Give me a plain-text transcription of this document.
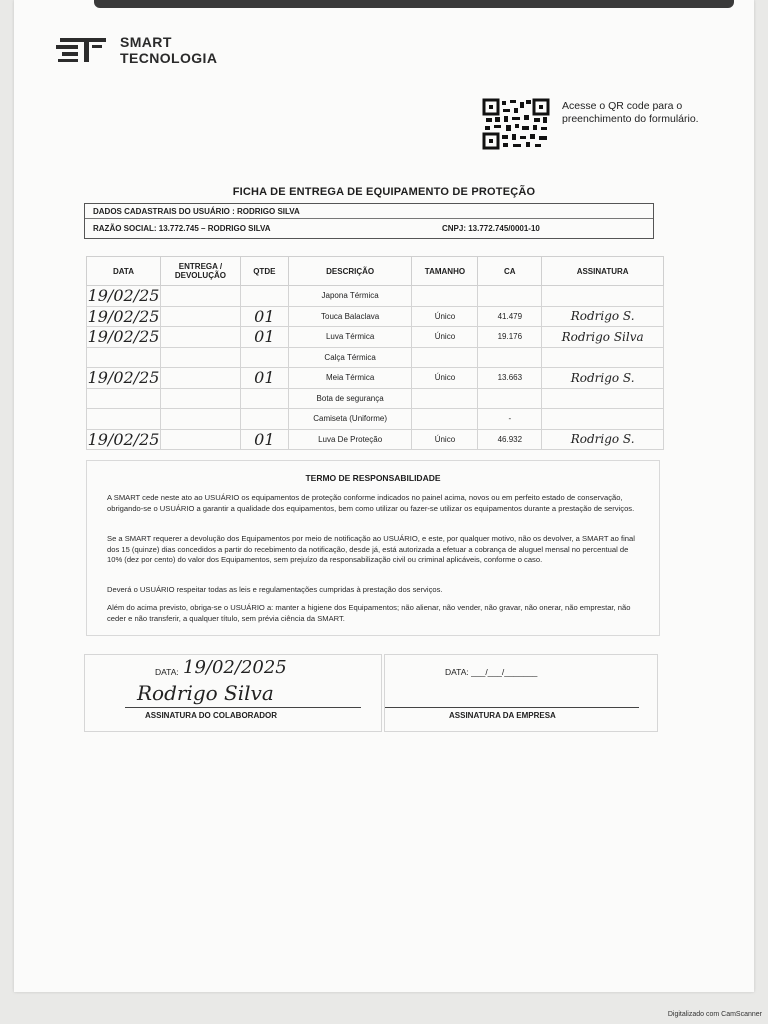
SMART
TECNOLOGIA
Acesse o QR code para o preenchimento do formulário.
FICHA DE ENTREGA DE EQUIPAMENTO DE PROTEÇÃO
DADOS CADASTRAIS DO USUÁRIO : RODRIGO SILVA
RAZÃO SOCIAL: 13.772.745 – RODRIGO SILVA	CNPJ: 13.772.745/0001-10
DATA	ENTREGA / DEVOLUÇÃO	QTDE	DESCRIÇÃO	TAMANHO	CA	ASSINATURA
19/02/25			Japona Térmica			
19/02/25		01	Touca Balaclava	Único	41.479	Rodrigo S.
19/02/25		01	Luva Térmica	Único	19.176	Rodrigo Silva
			Calça Térmica			
19/02/25		01	Meia Térmica	Único	13.663	Rodrigo S.
			Bota de segurança			
			Camiseta (Uniforme)		-	
19/02/25		01	Luva De Proteção	Único	46.932	Rodrigo S.
TERMO DE RESPONSABILIDADE

A SMART cede neste ato ao USUÁRIO os equipamentos de proteção conforme indicados no painel acima, novos ou em perfeito estado de conservação, obrigando-se o USUÁRIO a garantir a qualidade dos equipamentos, bem como utilizar ou fazer-se utilizar os equipamentos durante a prestação de serviços.

Se a SMART requerer a devolução dos Equipamentos por meio de notificação ao USUÁRIO, e este, por qualquer motivo, não os devolver, a SMART ao final dos 15 (quinze) dias concedidos a partir do recebimento da notificação, desde já, está autorizada a efetuar a cobrança de aluguel mensal no percentual de 10% (dez por cento) do valor dos Equipamentos, sem prejuízo da responsabilização civil ou criminal aplicáveis, conforme o caso.

Deverá o USUÁRIO respeitar todas as leis e regulamentações cumpridas à prestação dos serviços.

Além do acima previsto, obriga-se o USUÁRIO a: manter a higiene dos Equipamentos; não alienar, não vender, não gravar, não onerar, não emprestar, não ceder e não transferir, a qualquer título, sem prévia ciência da SMART.

DATA: 19/02/2025
Rodrigo Silva
ASSINATURA DO COLABORADOR
DATA: ___/___/_______
ASSINATURA DA EMPRESA
Digitalizado com CamScanner
